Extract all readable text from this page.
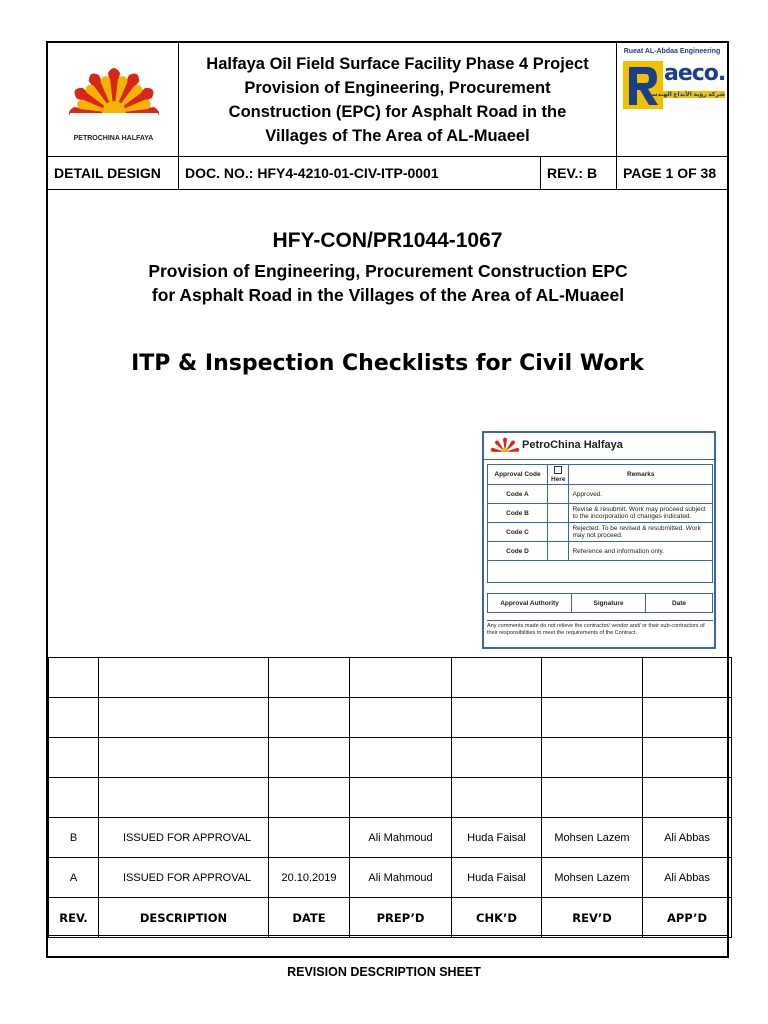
PETROCHINA HALFAYA
Halfaya Oil Field Surface Facility Phase 4 Project
Provision of Engineering, Procurement
Construction (EPC) for Asphalt Road in the
Villages of The Area of AL-Muaeel
Rueat AL-Abdaa Engineering
aeco.
شركة رؤية الأبداع الهندسي
DETAIL DESIGN	DOC. NO.: HFY4-4210-01-CIV-ITP-0001	REV.: B	PAGE 1 OF 38
HFY-CON/PR1044-1067
Provision of Engineering, Procurement Construction EPC
for Asphalt Road in the Villages of the Area of AL-Muaeel
ITP & Inspection Checklists for Civil Work
PetroChina Halfaya
Approval Code	Here	Remarks
Code A		Approved.
Code B		Revise & resubmit. Work may proceed subject to the incorporation of changes indicated.
Code C		Rejected. To be revised & resubmitted. Work may not proceed.
Code D		Reference and information only.

Approval Authority	Signature	Date
Any comments made do not relieve the contractor/ vendor and/ or their sub-contractors of their responsibilities to meet the requirements of the Contract.

B	ISSUED FOR APPROVAL		Ali Mahmoud	Huda Faisal	Mohsen Lazem	Ali Abbas
A	ISSUED FOR APPROVAL	20.10.2019	Ali Mahmoud	Huda Faisal	Mohsen Lazem	Ali Abbas
REV.	DESCRIPTION	DATE	PREP’D	CHK’D	REV’D	APP’D
REVISION DESCRIPTION SHEET
